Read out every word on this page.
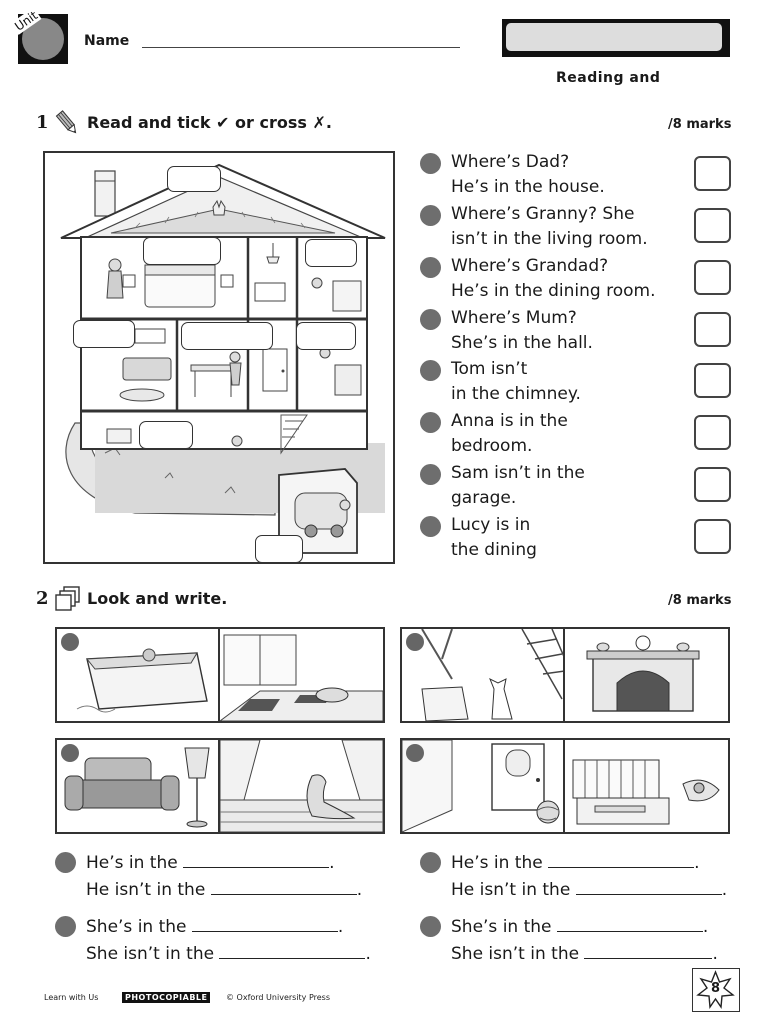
Unit
Name
Reading and
1 Read and tick ✔ or cross ✗.	/8 marks
Where’s Dad?
He’s in the house.
Where’s Granny? She
isn’t in the living room.
Where’s Grandad?
He’s in the dining room.
Where’s Mum?
She’s in the hall.
Tom isn’t
in the chimney.
Anna is in the
bedroom.
Sam isn’t in the
garage.
Lucy is in
the dining
2 Look and write.	/8 marks
He’s in the	.
He isn’t in the	.
He’s in the	.
He isn’t in the	.
She’s in the	.
She isn’t in the	.
She’s in the	.
She isn’t in the	.
Learn with Us	PHOTOCOPIABLE	© Oxford University Press
8
